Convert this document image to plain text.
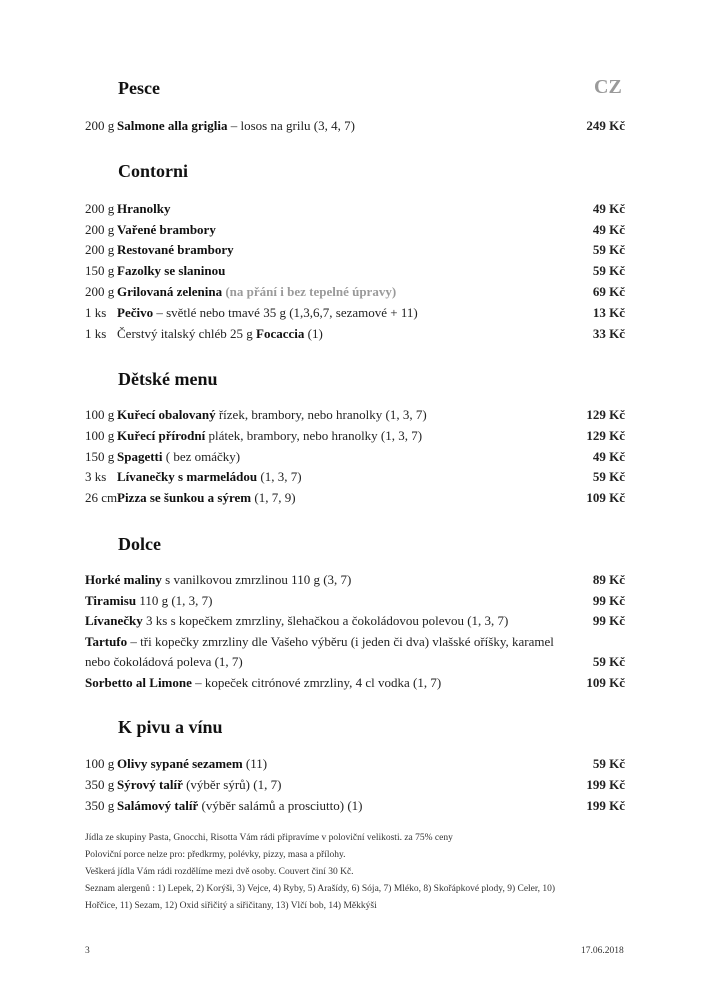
CZ
Pesce
200 g Salmone alla griglia – losos na grilu (3, 4, 7)	249 Kč
Contorni
200 g Hranolky	49 Kč
200 g Vařené brambory	49 Kč
200 g Restované brambory	59 Kč
150 g Fazolky se slaninou	59 Kč
200 g Grilovaná zelenina (na přání i bez tepelné úpravy)	69 Kč
1 ks Pečivo – světlé nebo tmavé 35 g (1,3,6,7, sezamové + 11)	13 Kč
1 ks Čerstvý italský chléb 25 g Focaccia (1)	33 Kč
Dětské menu
100 g Kuřecí obalovaný řízek, brambory, nebo hranolky (1, 3, 7)	129 Kč
100 g Kuřecí přírodní plátek, brambory, nebo hranolky (1, 3, 7)	129 Kč
150 g Spagetti ( bez omáčky)	49 Kč
3 ks Lívanečky s marmeládou (1, 3, 7)	59 Kč
26 cm Pizza se šunkou a sýrem (1, 7, 9)	109 Kč
Dolce
Horké maliny s vanilkovou zmrzlinou 110 g (3, 7)	89 Kč
Tiramisu 110 g (1, 3, 7)	99 Kč
Lívanečky 3 ks s kopečkem zmrzliny, šlehačkou a čokoládovou polevou (1, 3, 7)	99 Kč
Tartufo – tři kopečky zmrzliny dle Vašeho výběru (i jeden či dva) vlašské oříšky, karamel
nebo čokoládová poleva (1, 7)	59 Kč
Sorbetto al Limone – kopeček citrónové zmrzliny, 4 cl vodka (1, 7)	109 Kč
K pivu a vínu
100 g Olivy sypané sezamem (11)	59 Kč
350 g Sýrový talíř (výběr sýrů) (1, 7)	199 Kč
350 g Salámový talíř (výběr salámů a prosciutto) (1)	199 Kč
Jídla ze skupiny Pasta, Gnocchi, Risotta Vám rádi připravíme v poloviční velikosti. za 75% ceny
Poloviční porce nelze pro: předkrmy, polévky, pizzy, masa a přílohy.
Veškerá jídla Vám rádi rozdělíme mezi dvě osoby. Couvert činí 30 Kč.
Seznam alergenů : 1) Lepek, 2) Korýši, 3) Vejce, 4) Ryby, 5) Arašídy, 6) Sója, 7) Mléko, 8) Skořápkové plody, 9) Celer, 10)
Hořčice, 11) Sezam, 12) Oxid siřičitý a siřičitany, 13) Vlčí bob, 14) Měkkýši
3	17.06.2018
